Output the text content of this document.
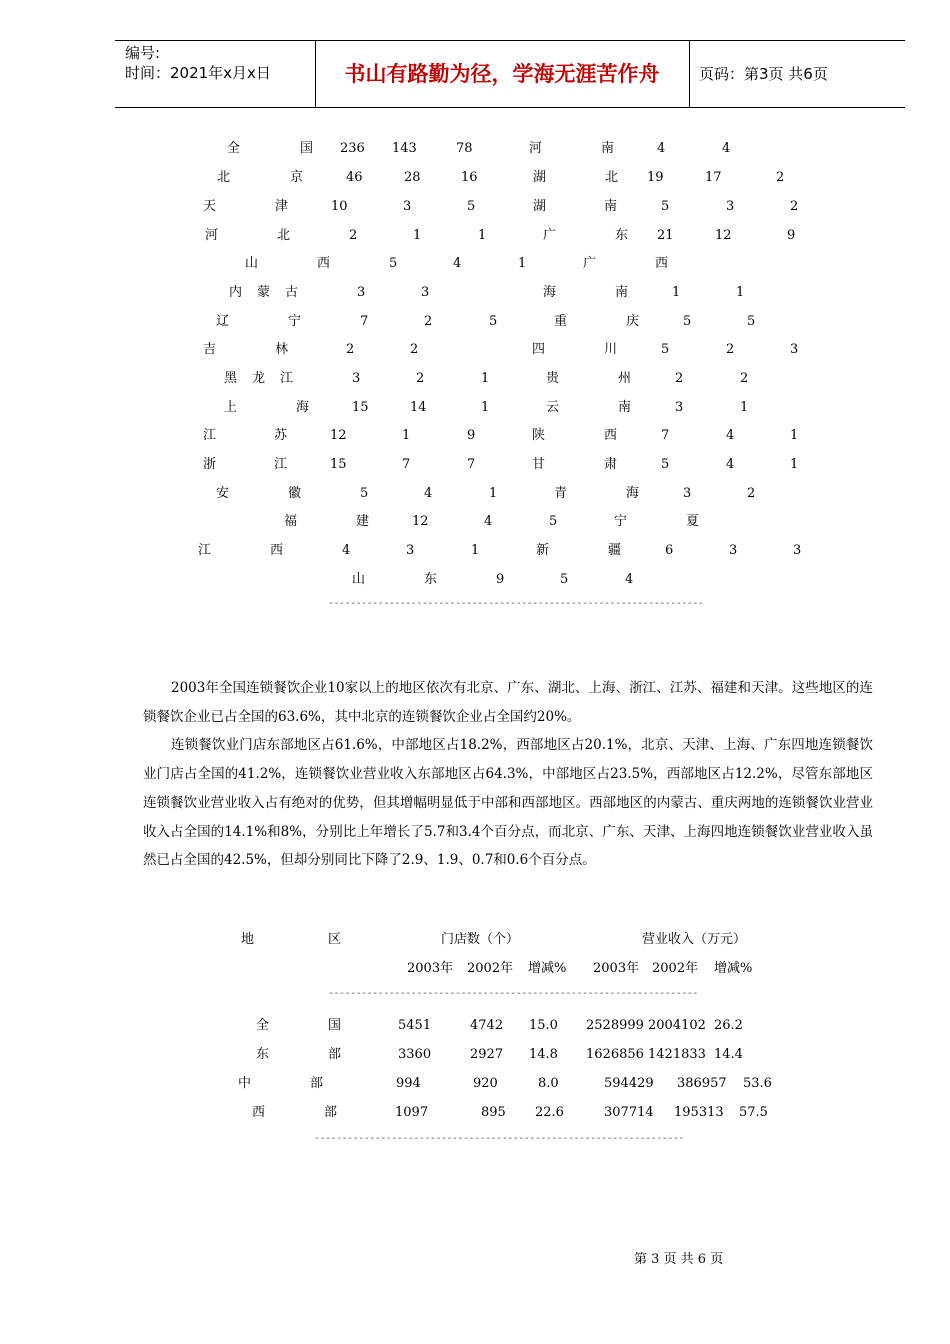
编号:
时间：2021年x月x日	书山有路勤为径，学海无涯苦作舟	页码：第3页 共6页
全	国 236 143	78	河	南	4	4
北	京	46	28	16	湖	北 19	17	2
天	津	10	3	5	湖	南	5	3	2
河	北	2	1	1	广	东 21	12	9
山	西	5	4	1	广	西
内 蒙 古	3	3	海	南	1	1
辽	宁	7	2	5	重	庆	5	5
吉	林	2	2	四	川	5	2	3
黑 龙 江	3	2	1	贵	州	2	2
上	海	15	14	1	云	南	3	1
江	苏	12	1	9	陕	西	7	4	1
浙	江	15	7	7	甘	肃	5	4	1
安	徽	5	4	1	青	海	3	2
福	建	12	4	5	宁	夏
江	西	4	3	1	新	疆	6	3	3
山	东	9	5	4
--------------------------------------------------------------------

2003年全国连锁餐饮企业10家以上的地区依次有北京、广东、湖北、上海、浙江、江苏、福建和天津。这些地区的连锁餐饮企业已占全国的63.6%，其中北京的连锁餐饮企业占全国约20%。

连锁餐饮业门店东部地区占61.6%，中部地区占18.2%，西部地区占20.1%，北京、天津、上海、广东四地连锁餐饮业门店占全国的41.2%，连锁餐饮业营业收入东部地区占64.3%，中部地区占23.5%，西部地区占12.2%，尽管东部地区连锁餐饮业营业收入占有绝对的优势，但其增幅明显低于中部和西部地区。西部地区的内蒙古、重庆两地的连锁餐饮业营业收入占全国的14.1%和8%，分别比上年增长了5.7和3.4个百分点，而北京、广东、天津、上海四地连锁餐饮业营业收入虽然已占全国的42.5%，但却分别同比下降了2.9、1.9、0.7和0.6个百分点。

地	区	门店数（个）	营业收入（万元）
2003年 2002年 增减% 2003年 2002年 增减%
全	国	5451	4742 15.0 2528999 2004102 26.2
东	部	3360	2927 14.8 1626856 1421833 14.4
中	部	994	920	8.0	594429 386957 53.6
西	部	1097	895 22.6	307714 195313 57.5
-------------------------------------------------------------------
-------------------------------------------------------------------
第 3 页 共 6 页
